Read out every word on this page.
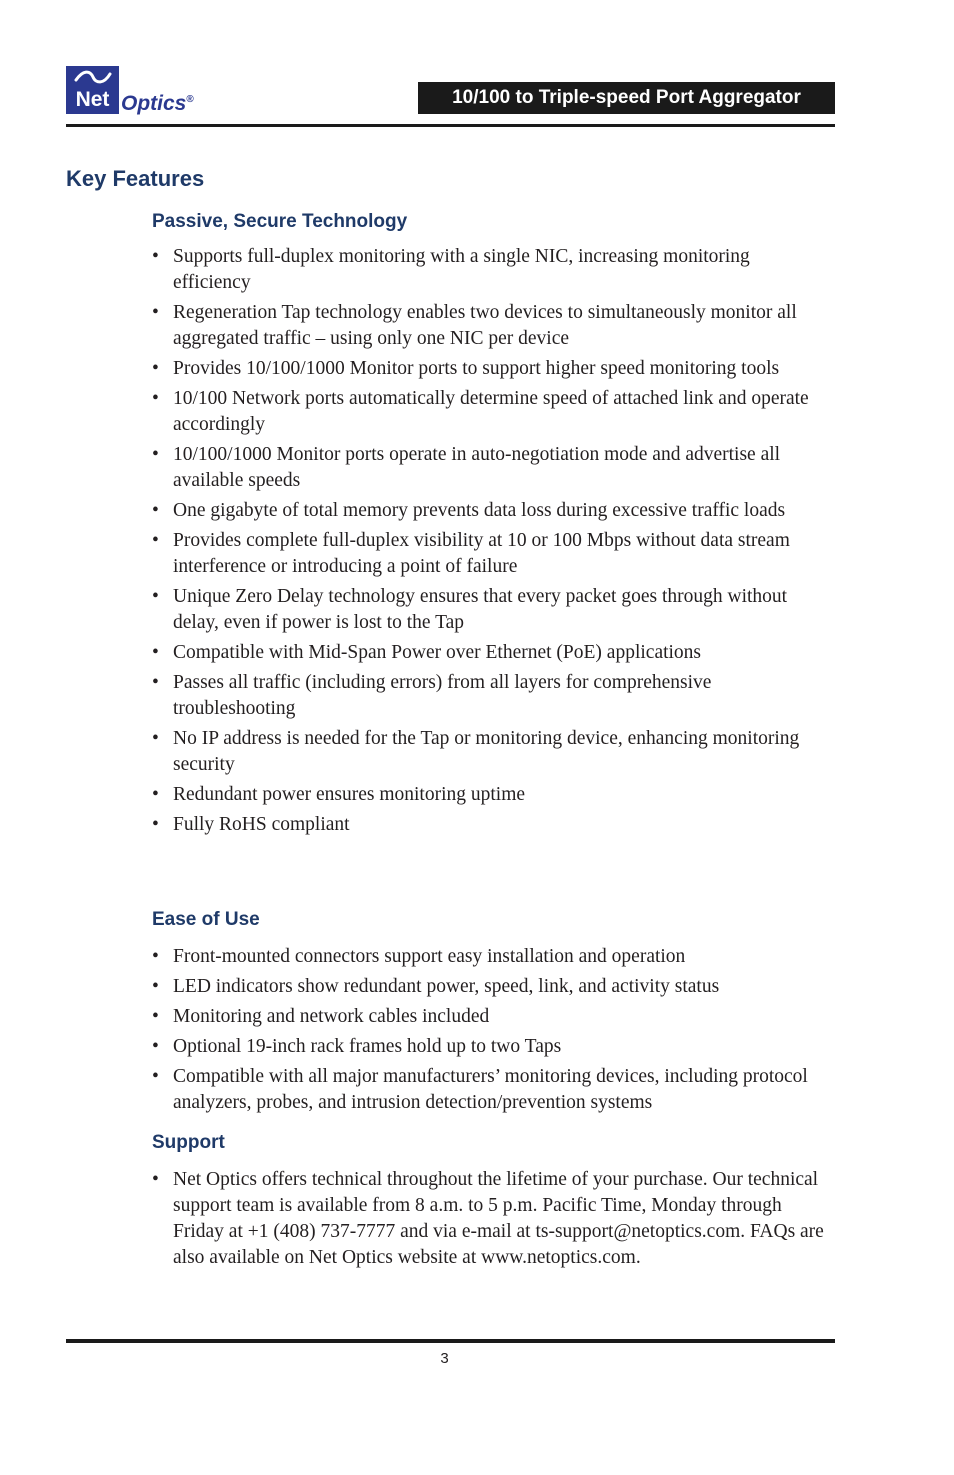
Net Optics®	10/100 to Triple-speed Port Aggregator
Key Features
Passive, Secure Technology
• Supports full-duplex monitoring with a single NIC, increasing monitoring efficiency
• Regeneration Tap technology enables two devices to simultaneously monitor all aggregated traffic – using only one NIC per device
• Provides 10/100/1000 Monitor ports to support higher speed monitoring tools
• 10/100 Network ports automatically determine speed of attached link and operate accordingly
• 10/100/1000 Monitor ports operate in auto-negotiation mode and advertise all available speeds
• One gigabyte of total memory prevents data loss during excessive traffic loads
• Provides complete full-duplex visibility at 10 or 100 Mbps without data stream interference or introducing a point of failure
• Unique Zero Delay technology ensures that every packet goes through without delay, even if power is lost to the Tap
• Compatible with Mid-Span Power over Ethernet (PoE) applications
• Passes all traffic (including errors) from all layers for comprehensive troubleshooting
• No IP address is needed for the Tap or monitoring device, enhancing monitoring security
• Redundant power ensures monitoring uptime
• Fully RoHS compliant
Ease of Use
• Front-mounted connectors support easy installation and operation
• LED indicators show redundant power, speed, link, and activity status
• Monitoring and network cables included
• Optional 19-inch rack frames hold up to two Taps
• Compatible with all major manufacturers’ monitoring devices, including protocol analyzers, probes, and intrusion detection/prevention systems
Support
• Net Optics offers technical throughout the lifetime of your purchase. Our technical support team is available from 8 a.m. to 5 p.m. Pacific Time, Monday through Friday at +1 (408) 737-7777 and via e-mail at ts-support@netoptics.com. FAQs are also available on Net Optics website at www.netoptics.com.
3
